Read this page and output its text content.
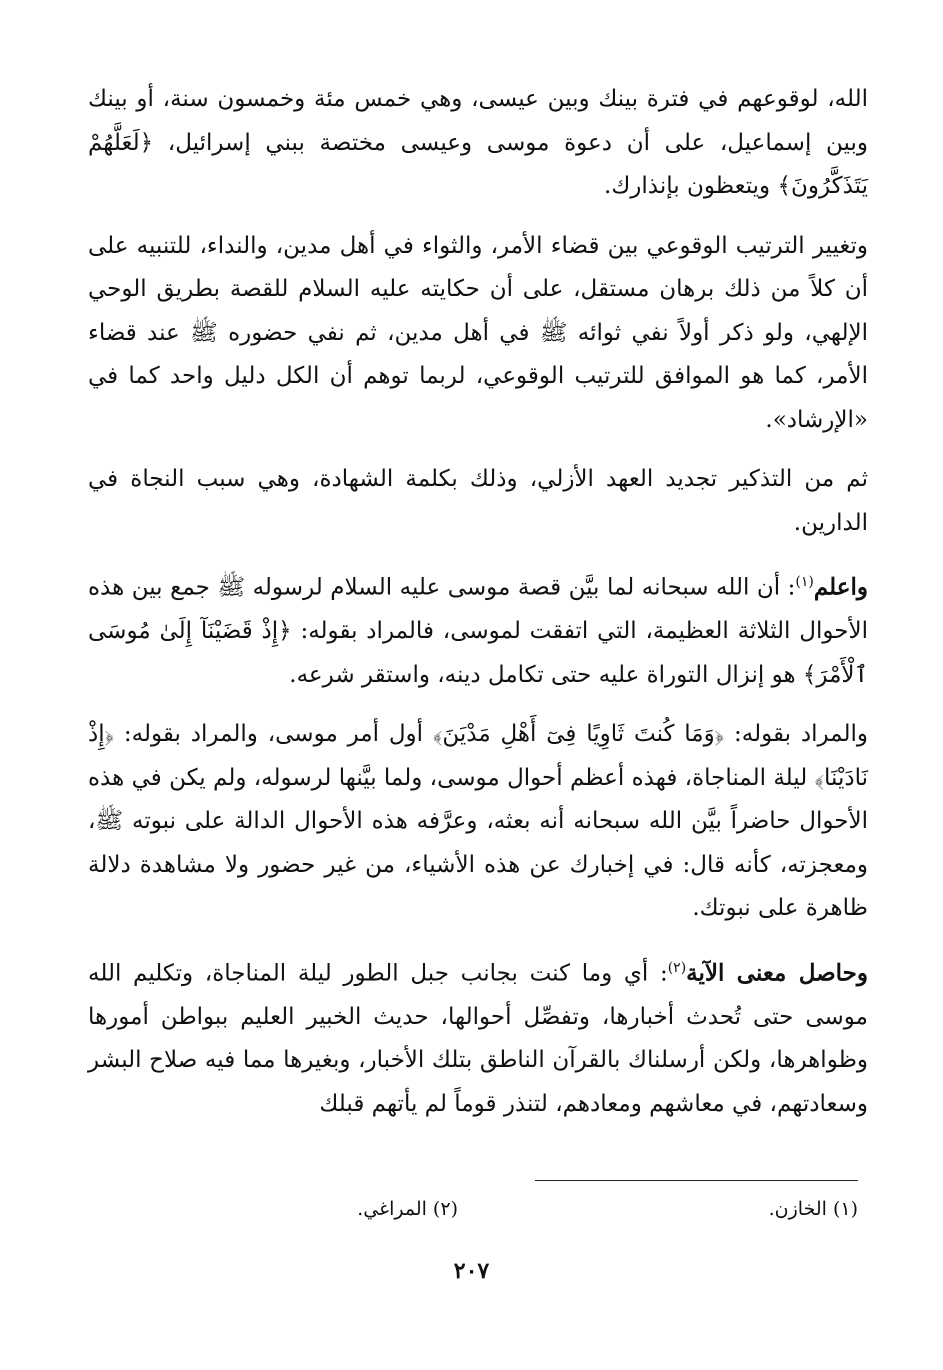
الله، لوقوعهم في فترة بينك وبين عيسى، وهي خمس مئة وخمسون سنة، أو بينك وبين إسماعيل، على أن دعوة موسى وعيسى مختصة ببني إسرائيل، ﴿لَعَلَّهُمْ يَتَذَكَّرُونَ﴾ ويتعظون بإنذارك.

وتغيير الترتيب الوقوعي بين قضاء الأمر، والثواء في أهل مدين، والنداء، للتنبيه على أن كلاً من ذلك برهان مستقل، على أن حكايته عليه السلام للقصة بطريق الوحي الإلهي، ولو ذكر أولاً نفي ثوائه ﷺ في أهل مدين، ثم نفي حضوره ﷺ عند قضاء الأمر، كما هو الموافق للترتيب الوقوعي، لربما توهم أن الكل دليل واحد كما في «الإرشاد».

ثم من التذكير تجديد العهد الأزلي، وذلك بكلمة الشهادة، وهي سبب النجاة في الدارين.

واعلم$^{(١)}$: أن الله سبحانه لما بيَّن قصة موسى عليه السلام لرسوله ﷺ جمع بين هذه الأحوال الثلاثة العظيمة، التي اتفقت لموسى، فالمراد بقوله: ﴿إِذْ قَضَيْنَآ إِلَىٰ مُوسَى ٱلْأَمْرَ﴾ هو إنزال التوراة عليه حتى تكامل دينه، واستقر شرعه.

والمراد بقوله: ﴿وَمَا كُنتَ ثَاوِيًا فِىٓ أَهْلِ مَدْيَنَ﴾ أول أمر موسى، والمراد بقوله: ﴿إِذْ نَادَيْنَا﴾ ليلة المناجاة، فهذه أعظم أحوال موسى، ولما بيَّنها لرسوله، ولم يكن في هذه الأحوال حاضراً بيَّن الله سبحانه أنه بعثه، وعرَّفه هذه الأحوال الدالة على نبوته ﷺ، ومعجزته، كأنه قال: في إخبارك عن هذه الأشياء، من غير حضور ولا مشاهدة دلالة ظاهرة على نبوتك.

وحاصل معنى الآية$^{(٢)}$: أي وما كنت بجانب جبل الطور ليلة المناجاة، وتكليم الله موسى حتى تُحدث أخبارها، وتفصِّل أحوالها، حديث الخبير العليم ببواطن أمورها وظواهرها، ولكن أرسلناك بالقرآن الناطق بتلك الأخبار، وبغيرها مما فيه صلاح البشر وسعادتهم، في معاشهم ومعادهم، لتنذر قوماً لم يأتهم قبلك

(١) الخازن.
(٢) المراغي.
٢٠٧
